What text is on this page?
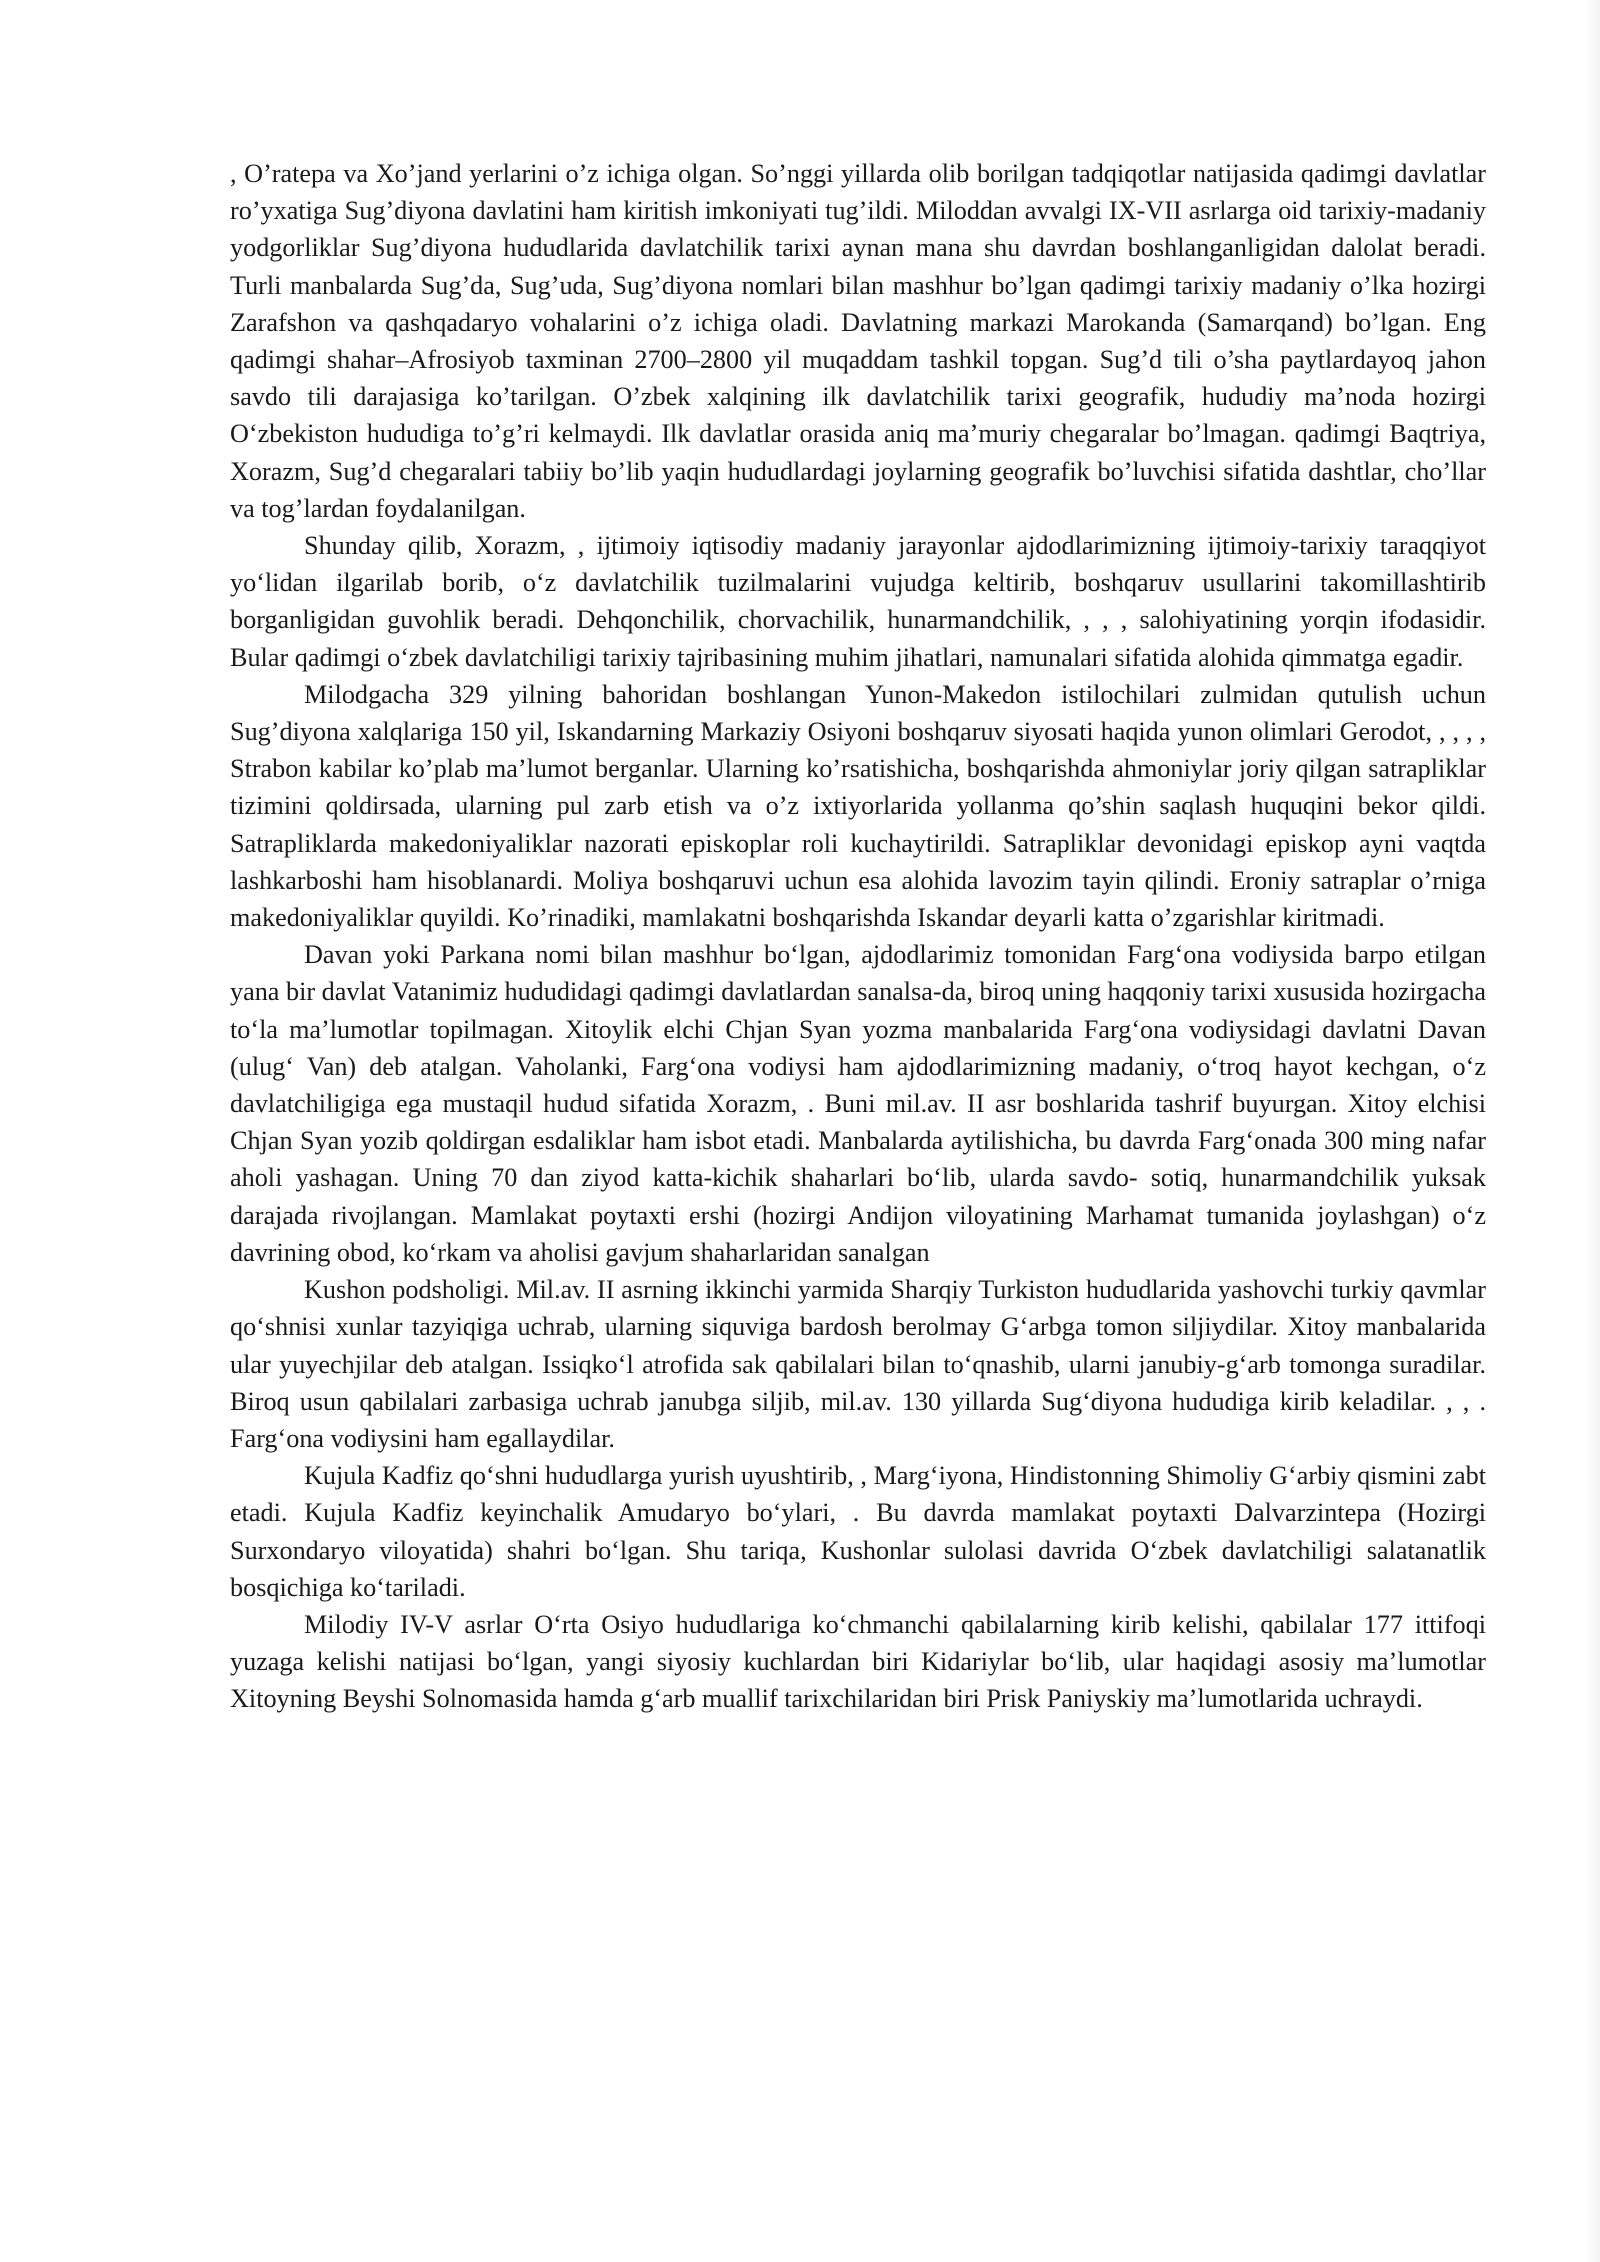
, O’ratepa va Xo’jand yerlarini o’z ichiga olgan. So’nggi yillarda olib borilgan tadqiqotlar natijasida qadimgi davlatlar ro’yxatiga Sug’diyona davlatini ham kiritish imkoniyati tug’ildi. Miloddan avvalgi IX-VII asrlarga oid tarixiy-madaniy yodgorliklar Sug’diyona hududlarida davlatchilik tarixi aynan mana shu davrdan boshlanganligidan dalolat beradi. Turli manbalarda Sug’da, Sug’uda, Sug’diyona nomlari bilan mashhur bo’lgan qadimgi tarixiy madaniy o’lka hozirgi Zarafshon va qashqadaryo vohalarini o’z ichiga oladi. Davlatning markazi Marokanda (Samarqand) bo’lgan. Eng qadimgi shahar–Afrosiyob taxminan 2700–2800 yil muqaddam tashkil topgan. Sug’d tili o’sha paytlardayoq jahon savdo tili darajasiga ko’tarilgan. O’zbek xalqining ilk davlatchilik tarixi geografik, hududiy ma’noda hozirgi O‘zbekiston hududiga to’g’ri kelmaydi. Ilk davlatlar orasida aniq ma’muriy chegaralar bo’lmagan. qadimgi Baqtriya, Xorazm, Sug’d chegaralari tabiiy bo’lib yaqin hududlardagi joylarning geografik bo’luvchisi sifatida dashtlar, cho’llar va tog’lardan foydalanilgan.

Shunday qilib, Xorazm, , ijtimoiy iqtisodiy madaniy jarayonlar ajdodlarimizning ijtimoiy-tarixiy taraqqiyot yo‘lidan ilgarilab borib, o‘z davlatchilik tuzilmalarini vujudga keltirib, boshqaruv usullarini takomillashtirib borganligidan guvohlik beradi. Dehqonchilik, chorvachilik, hunarmandchilik, , , , salohiyatining yorqin ifodasidir. Bular qadimgi o‘zbek davlatchiligi tarixiy tajribasining muhim jihatlari, namunalari sifatida alohida qimmatga egadir.

Milodgacha 329 yilning bahoridan boshlangan Yunon-Makedon istilochilari zulmidan qutulish uchun Sug’diyona xalqlariga 150 yil, Iskandarning Markaziy Osiyoni boshqaruv siyosati haqida yunon olimlari Gerodot, , , , , Strabon kabilar ko’plab ma’lumot berganlar. Ularning ko’rsatishicha, boshqarishda ahmoniylar joriy qilgan satrapliklar tizimini qoldirsada, ularning pul zarb etish va o’z ixtiyorlarida yollanma qo’shin saqlash huquqini bekor qildi. Satrapliklarda makedoniyaliklar nazorati episkoplar roli kuchaytirildi. Satrapliklar devonidagi episkop ayni vaqtda lashkarboshi ham hisoblanardi. Moliya boshqaruvi uchun esa alohida lavozim tayin qilindi. Eroniy satraplar o’rniga makedoniyaliklar quyildi. Ko’rinadiki, mamlakatni boshqarishda Iskandar deyarli katta o’zgarishlar kiritmadi.

Davan yoki Parkana nomi bilan mashhur bo‘lgan, ajdodlarimiz tomonidan Farg‘ona vodiysida barpo etilgan yana bir davlat Vatanimiz hududidagi qadimgi davlatlardan sanalsa-da, biroq uning haqqoniy tarixi xususida hozirgacha to‘la ma’lumotlar topilmagan. Xitoylik elchi Chjan Syan yozma manbalarida Farg‘ona vodiysidagi davlatni Davan (ulug‘ Van) deb atalgan. Vaholanki, Farg‘ona vodiysi ham ajdodlarimizning madaniy, o‘troq hayot kechgan, o‘z davlatchiligiga ega mustaqil hudud sifatida Xorazm, . Buni mil.av. II asr boshlarida tashrif buyurgan. Xitoy elchisi Chjan Syan yozib qoldirgan esdaliklar ham isbot etadi. Manbalarda aytilishicha, bu davrda Farg‘onada 300 ming nafar aholi yashagan. Uning 70 dan ziyod katta-kichik shaharlari bo‘lib, ularda savdo- sotiq, hunarmandchilik yuksak darajada rivojlangan. Mamlakat poytaxti ershi (hozirgi Andijon viloyatining Marhamat tumanida joylashgan) o‘z davrining obod, ko‘rkam va aholisi gavjum shaharlaridan sanalgan

Kushon podsholigi. Mil.av. II asrning ikkinchi yarmida Sharqiy Turkiston hududlarida yashovchi turkiy qavmlar qo‘shnisi xunlar tazyiqiga uchrab, ularning siquviga bardosh berolmay G‘arbga tomon siljiydilar. Xitoy manbalarida ular yuyechjilar deb atalgan. Issiqko‘l atrofida sak qabilalari bilan to‘qnashib, ularni janubiy-g‘arb tomonga suradilar. Biroq usun qabilalari zarbasiga uchrab janubga siljib, mil.av. 130 yillarda Sug‘diyona hududiga kirib keladilar. , , . Farg‘ona vodiysini ham egallaydilar.

Kujula Kadfiz qo‘shni hududlarga yurish uyushtirib, , Marg‘iyona, Hindistonning Shimoliy G‘arbiy qismini zabt etadi. Kujula Kadfiz keyinchalik Amudaryo bo‘ylari, . Bu davrda mamlakat poytaxti Dalvarzintepa (Hozirgi Surxondaryo viloyatida) shahri bo‘lgan. Shu tariqa, Kushonlar sulolasi davrida O‘zbek davlatchiligi salatanatlik bosqichiga ko‘tariladi.

Milodiy IV-V asrlar O‘rta Osiyo hududlariga ko‘chmanchi qabilalarning kirib kelishi, qabilalar 177 ittifoqi yuzaga kelishi natijasi bo‘lgan, yangi siyosiy kuchlardan biri Kidariylar bo‘lib, ular haqidagi asosiy ma’lumotlar Xitoyning Beyshi Solnomasida hamda g‘arb muallif tarixchilaridan biri Prisk Paniyskiy ma’lumotlarida uchraydi.
